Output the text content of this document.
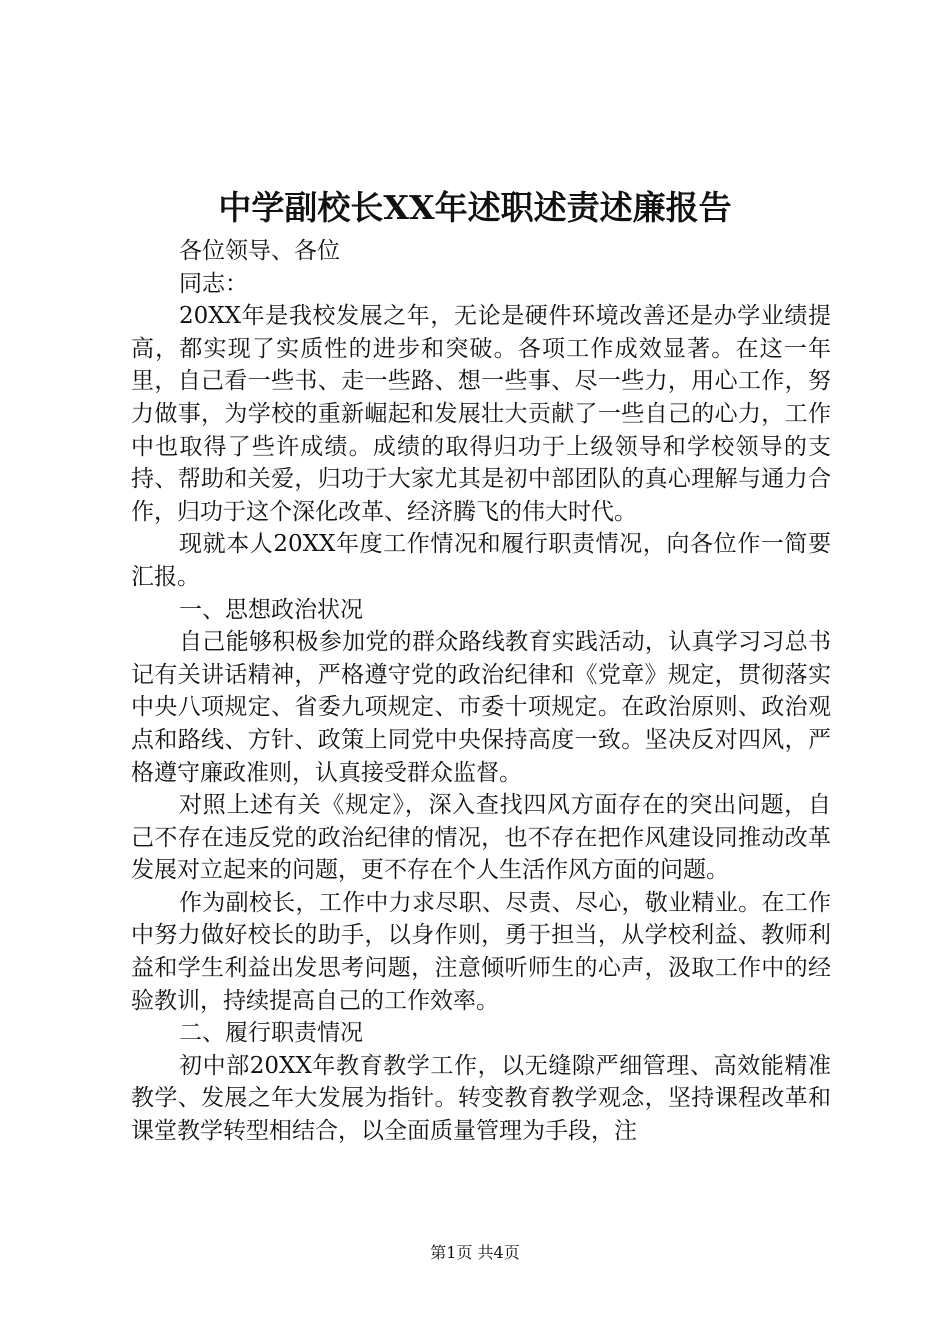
中学副校长XX年述职述责述廉报告

各位领导、各位

同志：

20XX年是我校发展之年，无论是硬件环境改善还是办学业绩提高，都实现了实质性的进步和突破。各项工作成效显著。在这一年里，自己看一些书、走一些路、想一些事、尽一些力，用心工作，努力做事，为学校的重新崛起和发展壮大贡献了一些自己的心力，工作中也取得了些许成绩。成绩的取得归功于上级领导和学校领导的支持、帮助和关爱，归功于大家尤其是初中部团队的真心理解与通力合作，归功于这个深化改革、经济腾飞的伟大时代。

现就本人20XX年度工作情况和履行职责情况，向各位作一简要汇报。

一、思想政治状况

自己能够积极参加党的群众路线教育实践活动，认真学习习总书记有关讲话精神，严格遵守党的政治纪律和《党章》规定，贯彻落实中央八项规定、省委九项规定、市委十项规定。在政治原则、政治观点和路线、方针、政策上同党中央保持高度一致。坚决反对四风，严格遵守廉政准则，认真接受群众监督。

对照上述有关《规定》，深入查找四风方面存在的突出问题，自己不存在违反党的政治纪律的情况，也不存在把作风建设同推动改革发展对立起来的问题，更不存在个人生活作风方面的问题。

作为副校长，工作中力求尽职、尽责、尽心，敬业精业。在工作中努力做好校长的助手，以身作则，勇于担当，从学校利益、教师利益和学生利益出发思考问题，注意倾听师生的心声，汲取工作中的经验教训，持续提高自己的工作效率。

二、履行职责情况

初中部20XX年教育教学工作，以无缝隙严细管理、高效能精准教学、发展之年大发展为指针。转变教育教学观念，坚持课程改革和课堂教学转型相结合，以全面质量管理为手段，注

第1页 共4页
